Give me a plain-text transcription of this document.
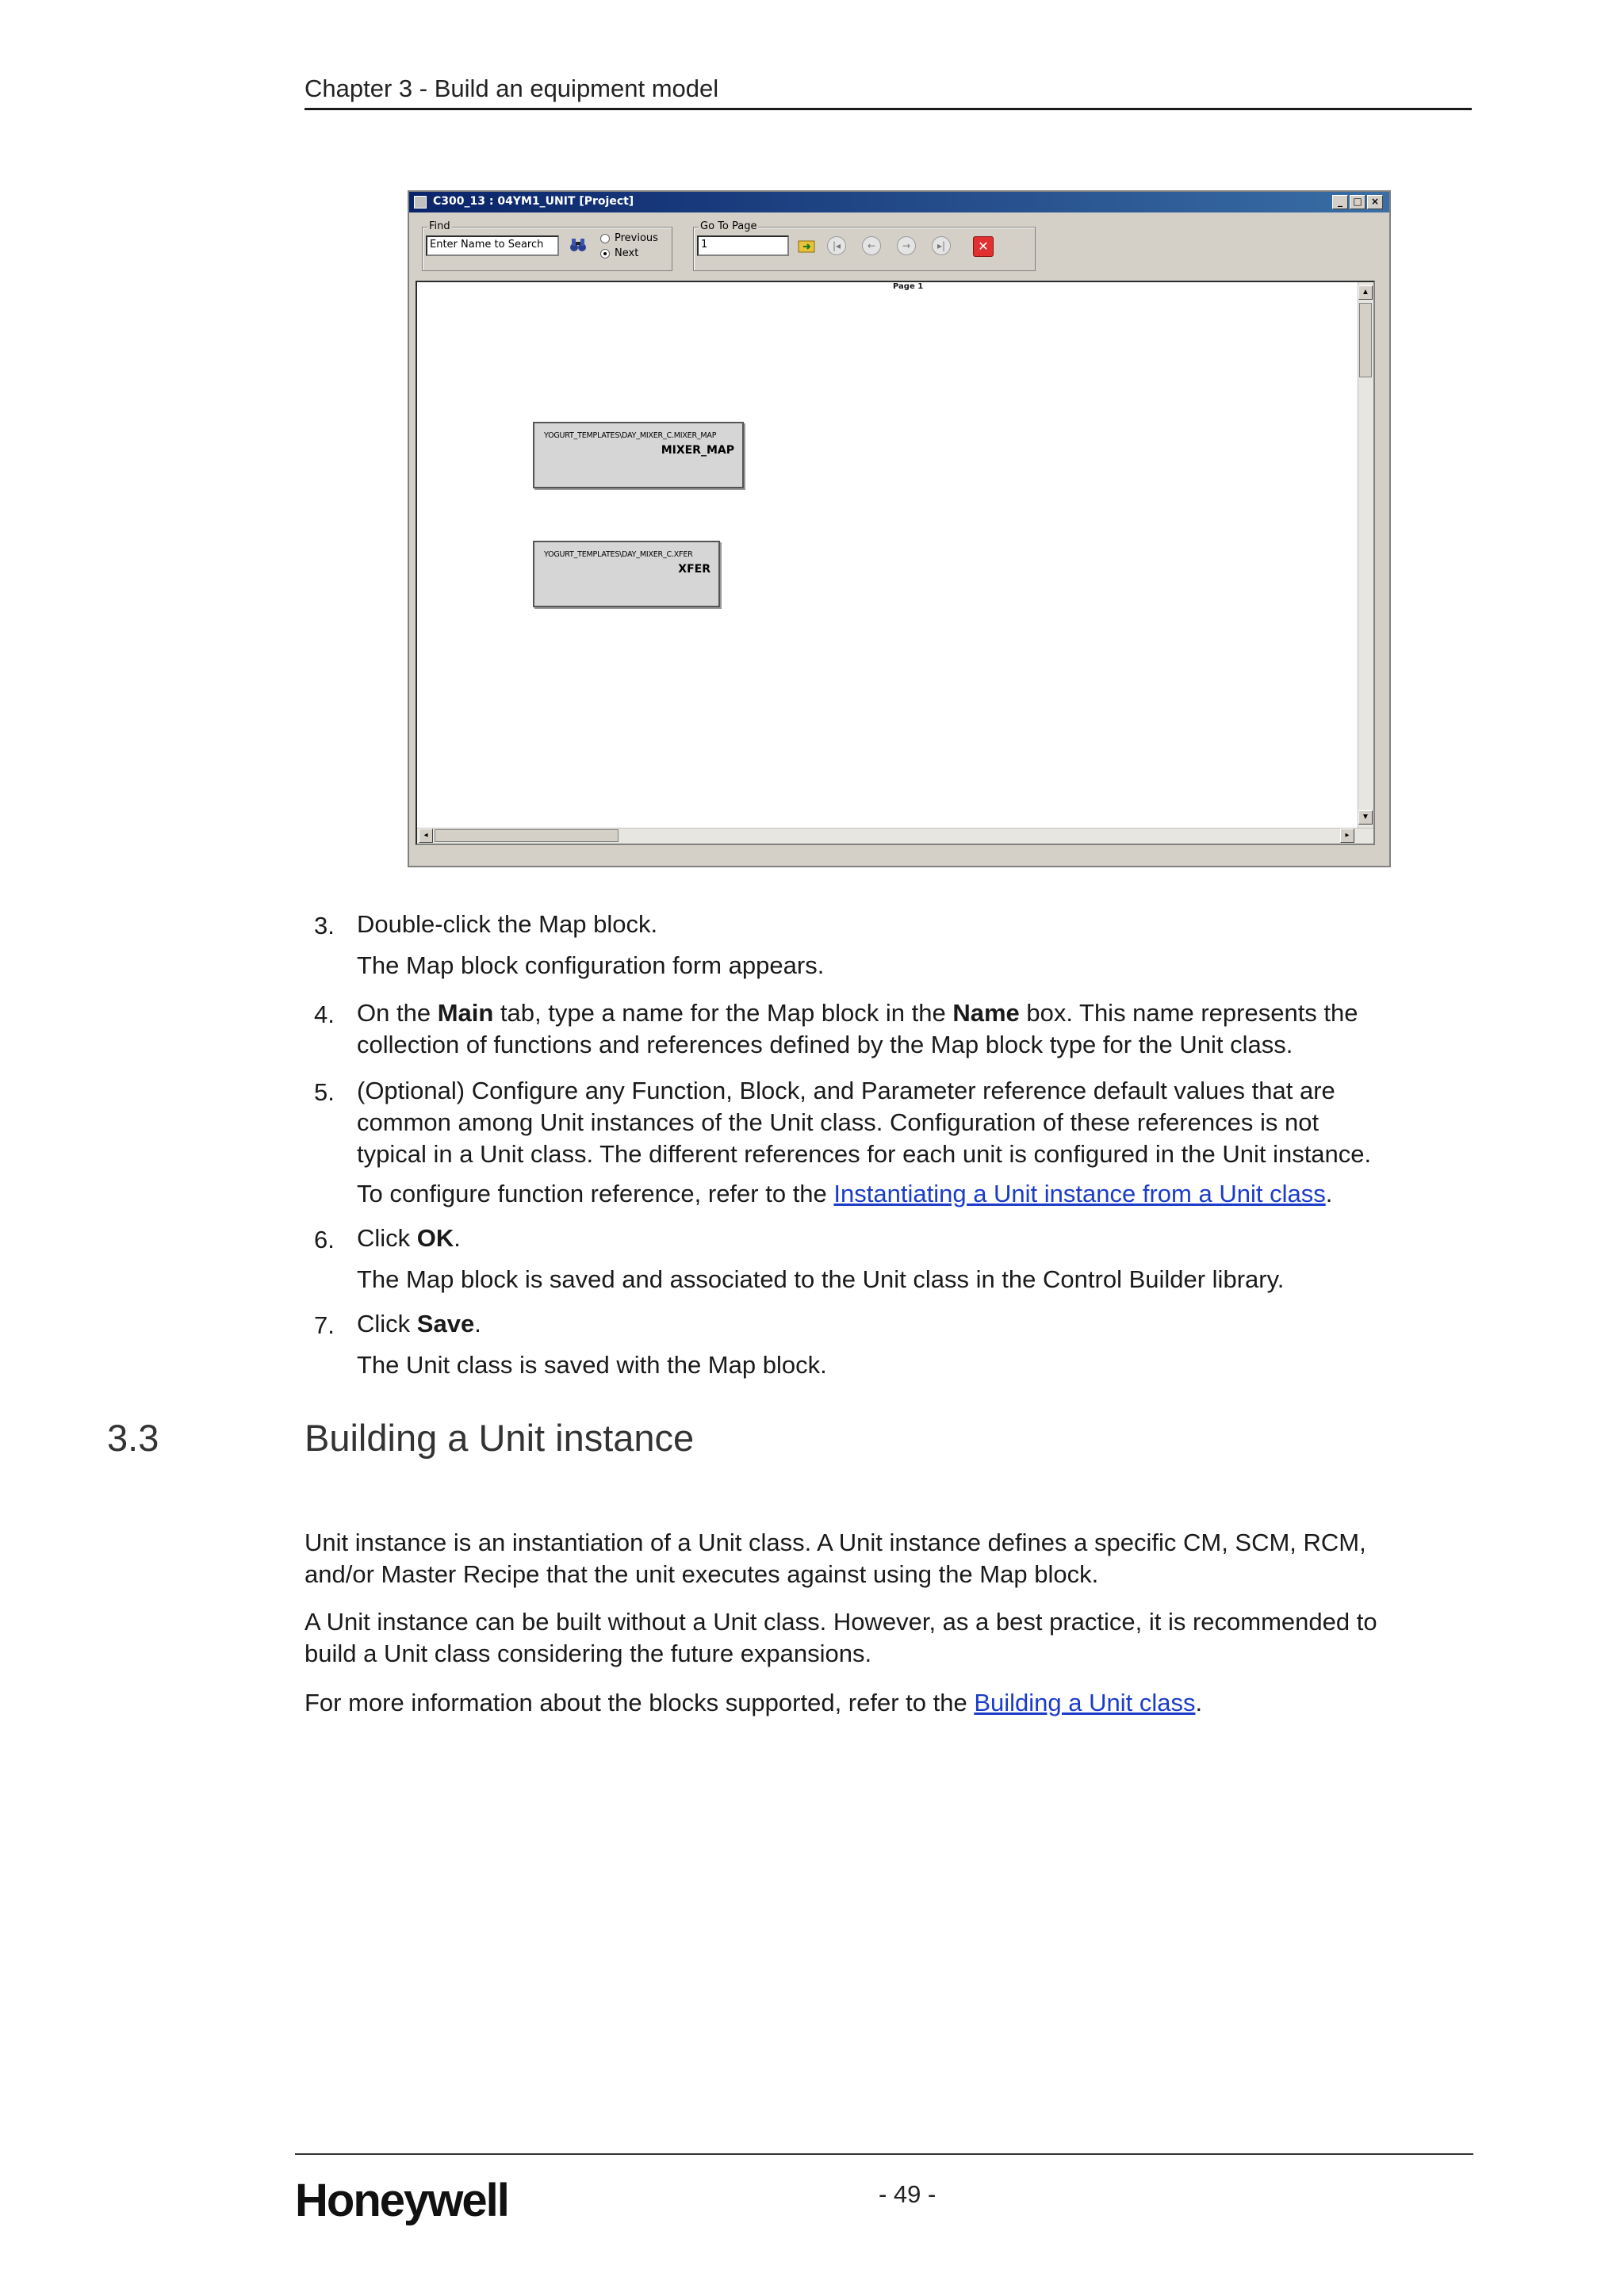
Chapter 3 - Build an equipment model
C300_13 : 04YM1_UNIT [Project]	_	□ ×
Find
Enter Name to Search
Previous
Next
Go To Page
1	|◂	←	→	▸|	✕
Page 1
YOGURT_TEMPLATES\DAY_MIXER_C.MIXER_MAP
MIXER_MAP
YOGURT_TEMPLATES\DAY_MIXER_C.XFER
XFER
▲
▼
◂	▸
3. Double-click the Map block.
The Map block configuration form appears.
4. On the Main tab, type a name for the Map block in the Name box. This name represents the
collection of functions and references defined by the Map block type for the Unit class.
5. (Optional) Configure any Function, Block, and Parameter reference default values that are
common among Unit instances of the Unit class. Configuration of these references is not
typical in a Unit class. The different references for each unit is configured in the Unit instance.
To configure function reference, refer to the Instantiating a Unit instance from a Unit class.
6. Click OK.
The Map block is saved and associated to the Unit class in the Control Builder library.
7. Click Save.
The Unit class is saved with the Map block.
3.3	Building a Unit instance
Unit instance is an instantiation of a Unit class. A Unit instance defines a specific CM, SCM, RCM,
and/or Master Recipe that the unit executes against using the Map block.
A Unit instance can be built without a Unit class. However, as a best practice, it is recommended to
build a Unit class considering the future expansions.
For more information about the blocks supported, refer to the Building a Unit class.
Honeywell	- 49 -
